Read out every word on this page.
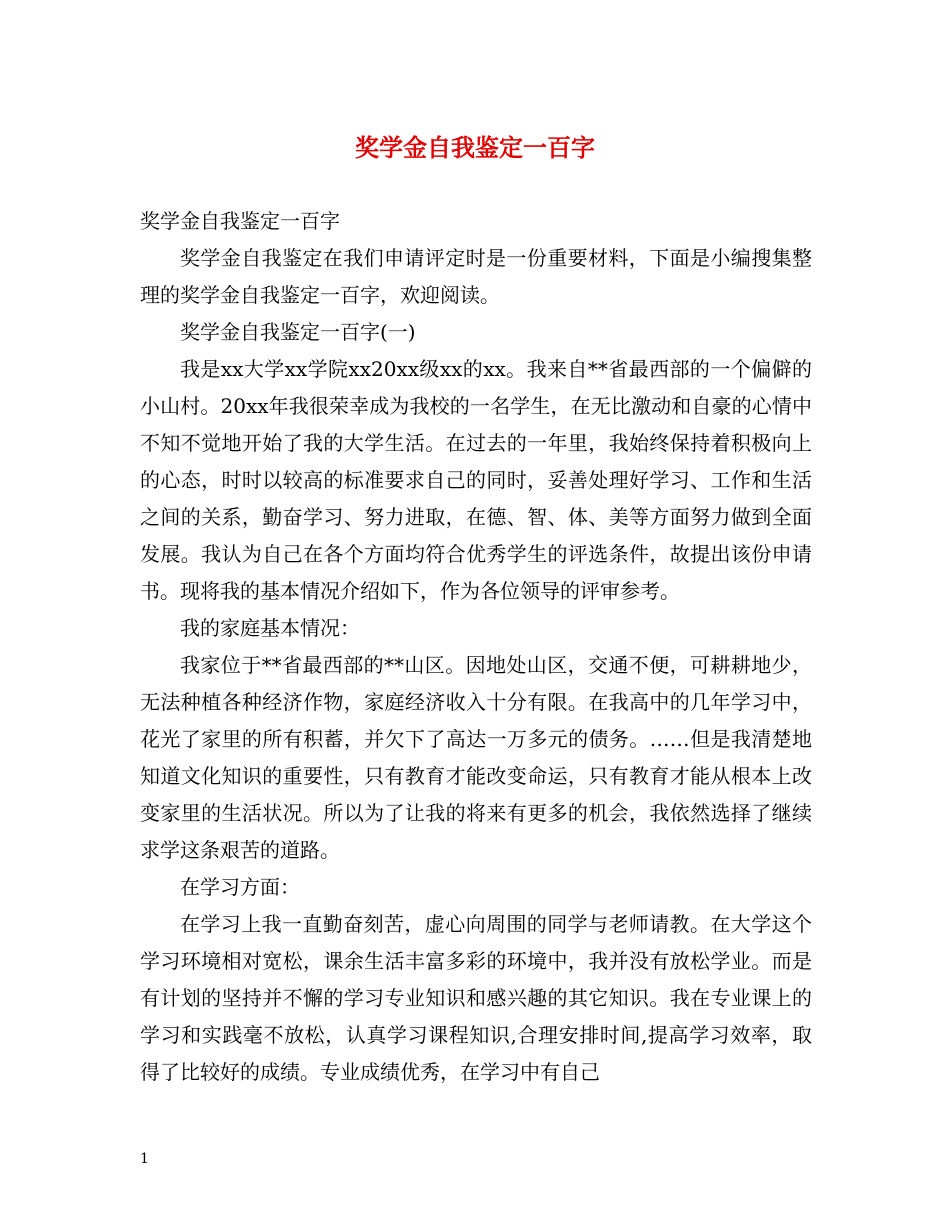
奖学金自我鉴定一百字

奖学金自我鉴定一百字

奖学金自我鉴定在我们申请评定时是一份重要材料，下面是小编搜集整理的奖学金自我鉴定一百字，欢迎阅读。

奖学金自我鉴定一百字(一)

我是xx大学xx学院xx20xx级xx的xx。我来自**省最西部的一个偏僻的小山村。20xx年我很荣幸成为我校的一名学生，在无比激动和自豪的心情中不知不觉地开始了我的大学生活。在过去的一年里，我始终保持着积极向上的心态，时时以较高的标准要求自己的同时，妥善处理好学习、工作和生活之间的关系，勤奋学习、努力进取，在德、智、体、美等方面努力做到全面发展。我认为自己在各个方面均符合优秀学生的评选条件，故提出该份申请书。现将我的基本情况介绍如下，作为各位领导的评审参考。

我的家庭基本情况：

我家位于**省最西部的**山区。因地处山区，交通不便，可耕耕地少，无法种植各种经济作物，家庭经济收入十分有限。在我高中的几年学习中，花光了家里的所有积蓄，并欠下了高达一万多元的债务。……但是我清楚地知道文化知识的重要性，只有教育才能改变命运，只有教育才能从根本上改变家里的生活状况。所以为了让我的将来有更多的机会，我依然选择了继续求学这条艰苦的道路。

在学习方面：

在学习上我一直勤奋刻苦，虚心向周围的同学与老师请教。在大学这个学习环境相对宽松，课余生活丰富多彩的环境中，我并没有放松学业。而是有计划的坚持并不懈的学习专业知识和感兴趣的其它知识。我在专业课上的学习和实践毫不放松，认真学习课程知识,合理安排时间,提高学习效率，取得了比较好的成绩。专业成绩优秀，在学习中有自己

1
